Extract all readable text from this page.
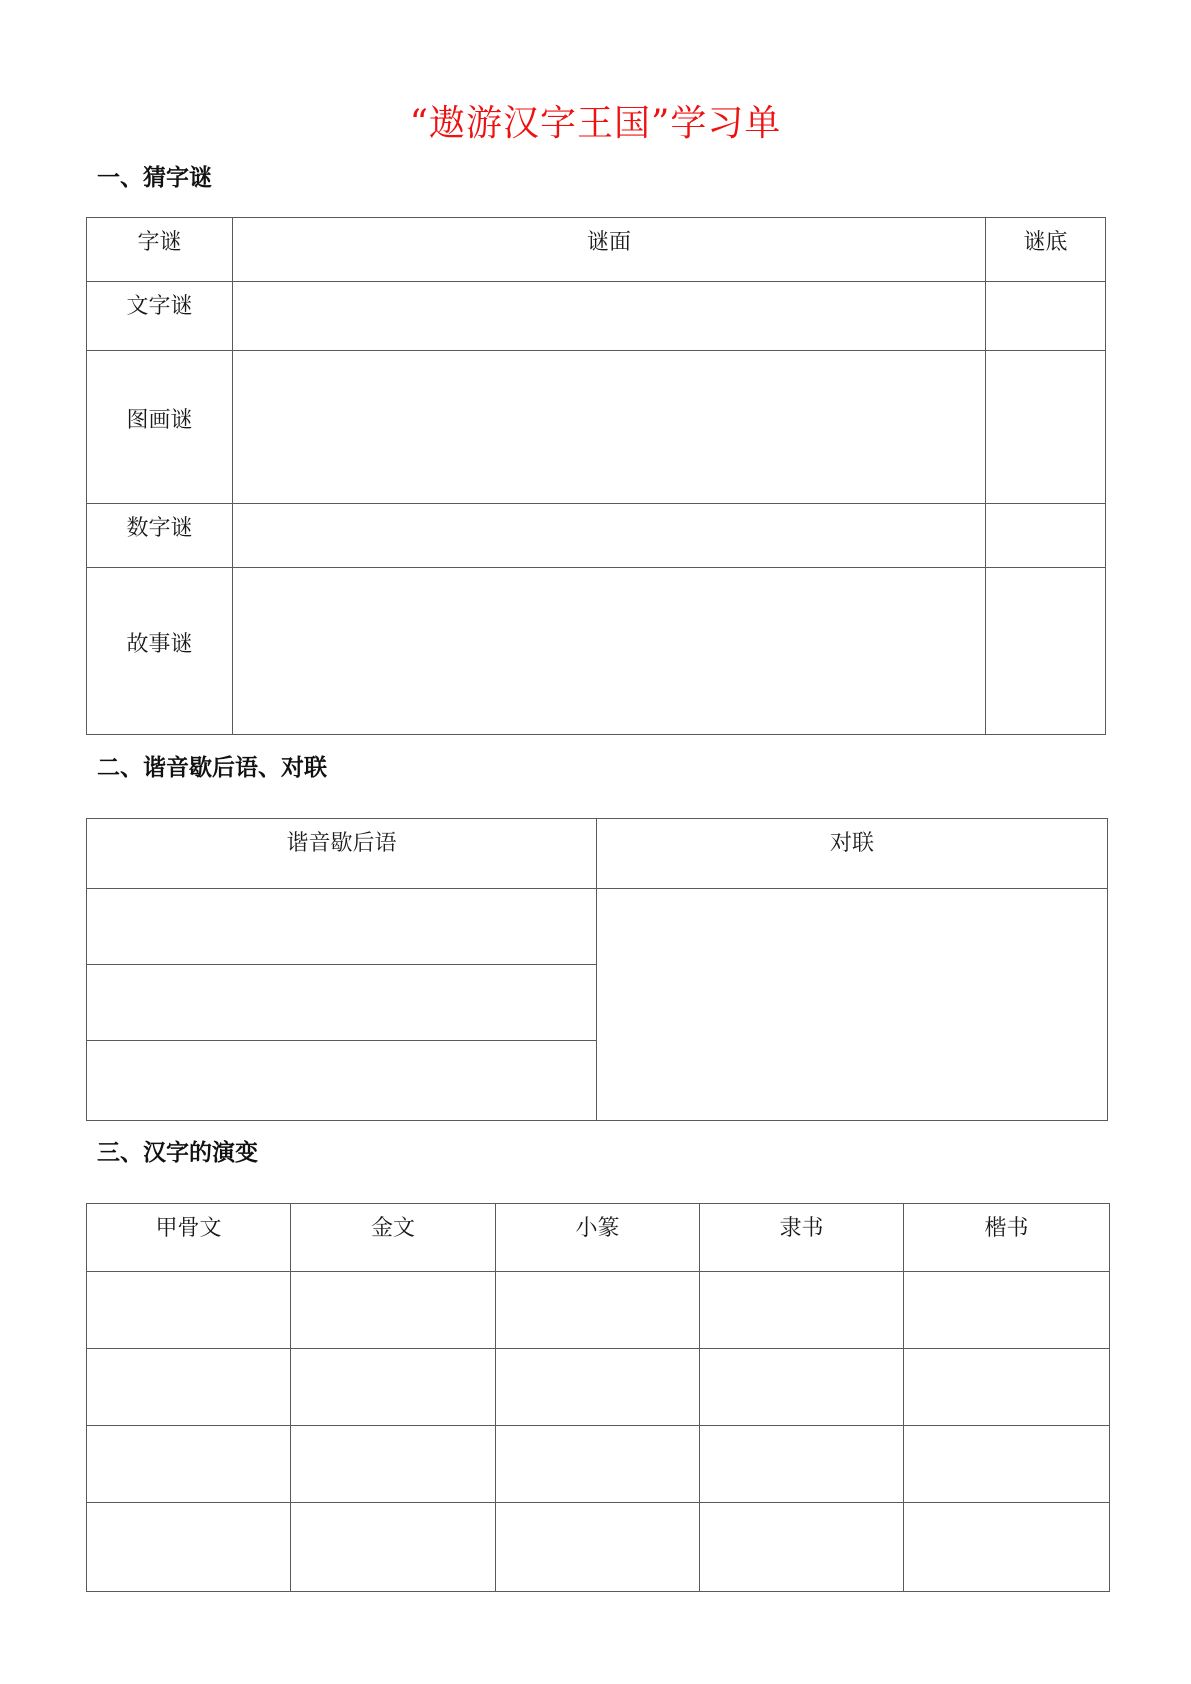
“遨游汉字王国”学习单
一、猜字谜
字谜	谜面	谜底

文字谜		

图画谜		

数字谜		

故事谜		

二、谐音歇后语、对联
谐音歇后语	对联

三、汉字的演变
甲骨文	金文	小篆	隶书	楷书
